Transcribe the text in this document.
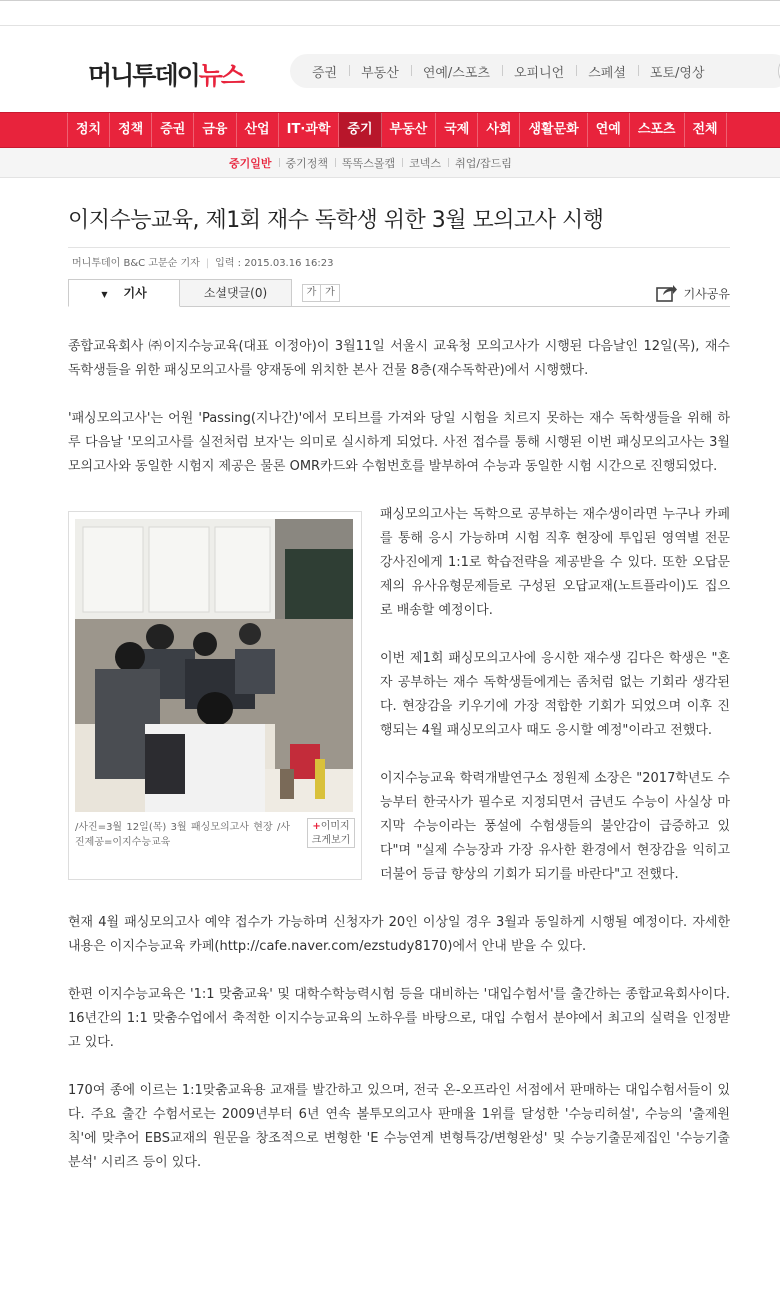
머니투데이뉴스	증권	부동산	연예/스포츠	오피니언	스페셜	포토/영상
정치	정책	증권	금융	산업	IT·과학	중기	부동산	국제	사회	생활문화	연예	스포츠	전체
중기일반	중기정책	똑똑스몰캡	코넥스	취업/잡드림
이지수능교육, 제1회 재수 독학생 위한 3월 모의고사 시행
머니투데이 B&C 고문순 기자 | 입력 : 2015.03.16 16:23
▼ 기사	소셜댓글(0)	가 가	기사공유

종합교육회사 ㈜이지수능교육(대표 이정아)이 3월11일 서울시 교육청 모의고사가 시행된 다음날인 12일(목), 재수 독학생들을 위한 패싱모의고사를 양재동에 위치한 본사 건물 8층(재수독학관)에서 시행했다.

'패싱모의고사'는 어원 'Passing(지나간)'에서 모티브를 가져와 당일 시험을 치르지 못하는 재수 독학생들을 위해 하루 다음날 '모의고사를 실전처럼 보자'는 의미로 실시하게 되었다. 사전 접수를 통해 시행된 이번 패싱모의고사는 3월 모의고사와 동일한 시험지 제공은 물론 OMR카드와 수험번호를 발부하여 수능과 동일한 시험 시간으로 진행되었다.

/사진=3월 12일(목) 3월 패싱모의고사 현장 /사진제공=이지수능교육
+이미지
크게보기

패싱모의고사는 독학으로 공부하는 재수생이라면 누구나 카페를 통해 응시 가능하며 시험 직후 현장에 투입된 영역별 전문강사진에게 1:1로 학습전략을 제공받을 수 있다. 또한 오답문제의 유사유형문제들로 구성된 오답교재(노트플라이)도 집으로 배송할 예정이다.

이번 제1회 패싱모의고사에 응시한 재수생 김다은 학생은 "혼자 공부하는 재수 독학생들에게는 좀처럼 없는 기회라 생각된다. 현장감을 키우기에 가장 적합한 기회가 되었으며 이후 진행되는 4월 패싱모의고사 때도 응시할 예정"이라고 전했다.

이지수능교육 학력개발연구소 정원제 소장은 "2017학년도 수능부터 한국사가 필수로 지정되면서 금년도 수능이 사실상 마지막 수능이라는 풍설에 수험생들의 불안감이 급증하고 있다"며 "실제 수능장과 가장 유사한 환경에서 현장감을 익히고 더불어 등급 향상의 기회가 되기를 바란다"고 전했다.

현재 4월 패싱모의고사 예약 접수가 가능하며 신청자가 20인 이상일 경우 3월과 동일하게 시행될 예정이다. 자세한 내용은 이지수능교육 카페(http://cafe.naver.com/ezstudy8170)에서 안내 받을 수 있다.

한편 이지수능교육은 '1:1 맞춤교육' 및 대학수학능력시험 등을 대비하는 '대입수험서'를 출간하는 종합교육회사이다. 16년간의 1:1 맞춤수업에서 축적한 이지수능교육의 노하우를 바탕으로, 대입 수험서 분야에서 최고의 실력을 인정받고 있다.

170여 종에 이르는 1:1맞춤교육용 교재를 발간하고 있으며, 전국 온-오프라인 서점에서 판매하는 대입수험서들이 있다. 주요 출간 수험서로는 2009년부터 6년 연속 볼투모의고사 판매율 1위를 달성한 '수능리허설', 수능의 '출제원칙'에 맞추어 EBS교재의 원문을 창조적으로 변형한 'E 수능연계 변형특강/변형완성' 및 수능기출문제집인 '수능기출분석' 시리즈 등이 있다.
